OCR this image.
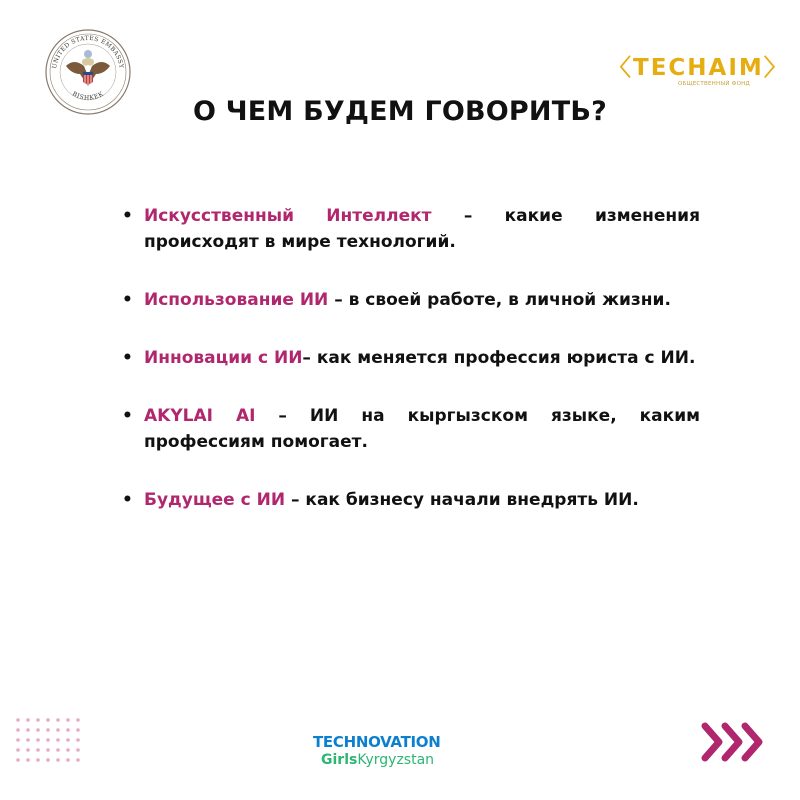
UNITED STATES EMBASSY
BISHKEK
〈TECHAIM〉
ОБЩЕСТВЕННЫЙ ФОНД
О ЧЕМ БУДЕМ ГОВОРИТЬ?
• Искусственный Интеллект – какие изменения происходят в мире технологий.
• Использование ИИ – в своей работе, в личной жизни.
• Инновации с ИИ– как меняется профессия юриста с ИИ.
• AKYLAI AI – ИИ на кыргызском языке, каким профессиям помогает.
• Будущее с ИИ – как бизнесу начали внедрять ИИ.
TECHNOVATION
GirlsKyrgyzstan
